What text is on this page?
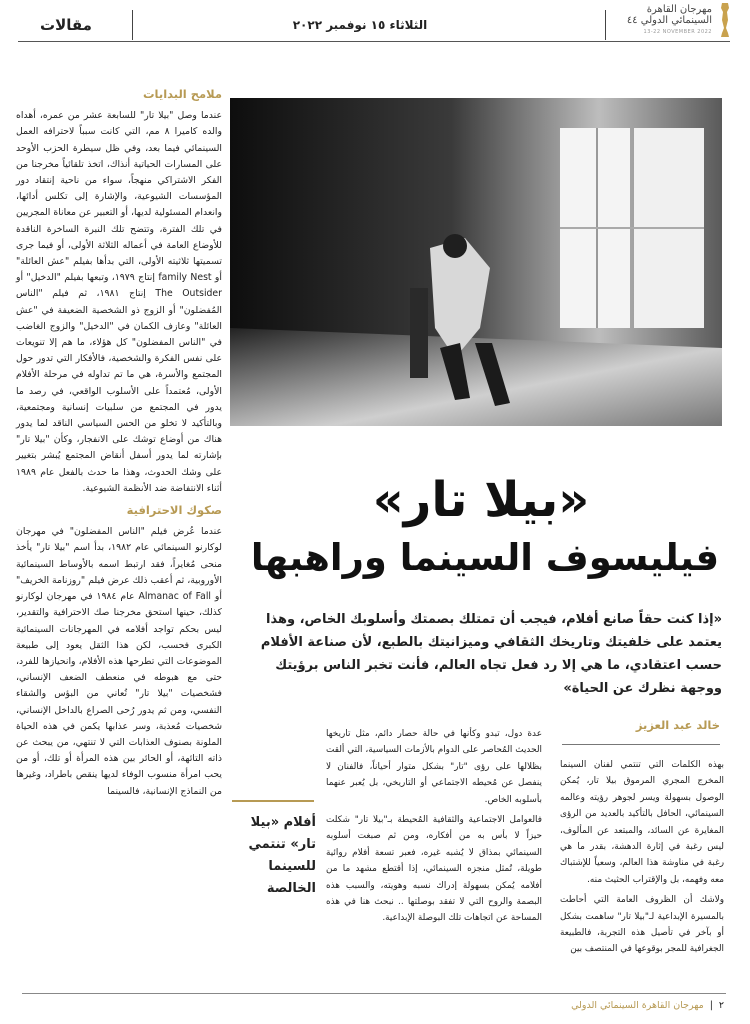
مهرجان القاهرة
السينمائي الدولي ٤٤
13-22 NOVEMBER 2022
الثلاثاء ١٥ نوفمبر ٢٠٢٢
مقالات
ملامح البدايات

عندما وصل "بيلا تار" للسابعة عشر من عمره، أهداه والده كاميرا ٨ مم، التي كانت سبباً لاحترافه العمل السينمائي فيما بعد، وفي ظل سيطرة الحزب الأوحد على المسارات الحياتية أنذاك، اتخذ تلقائياً مخرجنا من الفكر الاشتراكي منهجاً، سواء من ناحية إنتقاد دور المؤسسات الشيوعية، والإشارة إلى تكلس أدائها، وانعدام المسئولية لديها، أو التعبير عن معاناة المجريين في تلك الفترة، وتتضح تلك النبرة الساخرة الناقدة للأوضاع العامة في أعماله الثلاثة الأولى، أو فيما جرى تسميتها ثلاثيته الأولى، التي بدأها بفيلم "عش العائلة" أو family Nest إنتاج ١٩٧٩، وتبعها بفيلم "الدخيل" أو The Outsider إنتاج ١٩٨١، ثم فيلم "الناس المُفضلون" أو الزوج ذو الشخصية الضعيفة في "عش العائلة" وعازف الكمان في "الدخيل" والزوج الغاضب في "الناس المفضلون" كل هؤلاء، ما هم إلا تنويعات على نفس الفكرة والشخصية، فالأفكار التي تدور حول المجتمع والأسرة، هي ما تم تداوله في مرحلة الأفلام الأولى، مُعتمداً على الأسلوب الواقعي، في رصد ما يدور في المجتمع من سلبيات إنسانية ومجتمعية، وبالتأكيد لا تخلو من الحس السياسي الناقد لما يدور هناك من أوضاع توشك على الانفجار، وكأن "بيلا تار" بإشارته لما يدور أسفل أنقاض المجتمع يُبشر بتغيير على وشك الحدوث، وهذا ما حدث بالفعل عام ١٩٨٩ أثناء الانتفاضة ضد الأنظمة الشيوعية.

صكوك الاحترافية

عندما عُرض فيلم "الناس المفضلون" في مهرجان لوكارنو السينمائي عام ١٩٨٢، بدأ اسم "بيلا تار" يأخذ منحى مُغايراً، فقد ارتبط اسمه بالأوساط السينمائية الأوروبية، ثم أعقب ذلك عرض فيلم "روزنامة الخريف" أو Almanac of Fall عام ١٩٨٤ في مهرجان لوكارنو كذلك، حينها استحق مخرجنا صك الاحترافية والتقدير، ليس بحكم تواجد أفلامه في المهرجانات السينمائية الكبرى فحسب، لكن هذا الثقل يعود إلى طبيعة الموضوعات التي تطرحها هذه الأفلام، وانحيازها للفرد، حتى مع هبوطه في منعطف الضعف الإنساني، فشخصيات "بيلا تار" تُعاني من البؤس والشقاء النفسي، ومن ثم يدور رُحى الصراع بالداخل الإنساني، شخصيات مُعذبة، وسر عذابها يكمن في هذه الحياة الملونة بصنوف العذابات التي لا تنتهي، من يبحث عن ذاته التائهة، أو الحائر بين هذه المرأة أو تلك، أو من يحب امرأة منسوب الوفاء لديها ينقص باطراد، وغيرها من النماذج الإنسانية، فالسينما

«بيلا تار»
فيليسوف السينما وراهبها
«إذا كنت حقاً صانع أفلام، فيجب أن تمتلك بصمتك وأسلوبك الخاص، وهذا يعتمد على خلفيتك وتاريخك الثقافي وميزانيتك بالطبع، لأن صناعة الأفلام حسب اعتقادي، ما هي إلا رد فعل تجاه العالم، فأنت تخبر الناس برؤيتك ووجهة نظرك عن الحياة»
خالد عبد العزيز

بهذه الكلمات التي تنتمي لفنان السينما المخرج المجري المرموق بيلا تار، يُمكن الوصول بسهولة ويسر لجوهر رؤيته وعالمه السينمائي، الحافل بالتأكيد بالعديد من الرؤى المغايرة عن السائد، والمبتعد عن المألوف، ليس رغبة في إثارة الدهشة، بقدر ما هي رغبة في مناوشة هذا العالم، وسعياً للإشتباك معه وفهمه، بل والإقتراب الحثيث منه.

ولاشك أن الظروف العامة التي أحاطت بالمسيرة الإبداعية لـ"بيلا تار" ساهمت بشكل أو بآخر في تأصيل هذه التجربة، فالطبيعة الجغرافية للمجر بوقوعها في المنتصف بين

عدة دول، تبدو وكأنها في حالة حصار دائم، مثل تاريخها الحديث المُحاصر على الدوام بالأزمات السياسية، التي ألقت بظلالها على رؤى "تار" بشكل متوار أحياناً، فالفنان لا ينفصل عن مُحيطه الاجتماعي أو التاريخي، بل يُعبر عنهما بأسلوبه الخاص.

فالعوامل الاجتماعية والثقافية المُحيطة بـ"بيلا تار" شكلت حيزاً لا بأس به من أفكاره، ومن ثم صبغت أسلوبه السينمائي بمذاق لا يُشبه غيره، فعبر تسعة أفلام روائية طويلة، تُمثل منجزه السينمائي، إذا أقتطع مشهد ما من أفلامه يُمكن بسهولة إدراك نسبه وهويته، والسبب هذه البصمة والروح التي لا تفقد بوصلتها .. نبحث هنا في هذه المساحة عن اتجاهات تلك البوصلة الإبداعية.

أفلام «بيلا تار» تنتمي للسينما الخالصة
٢|مهرجان القاهرة السينمائي الدولي
